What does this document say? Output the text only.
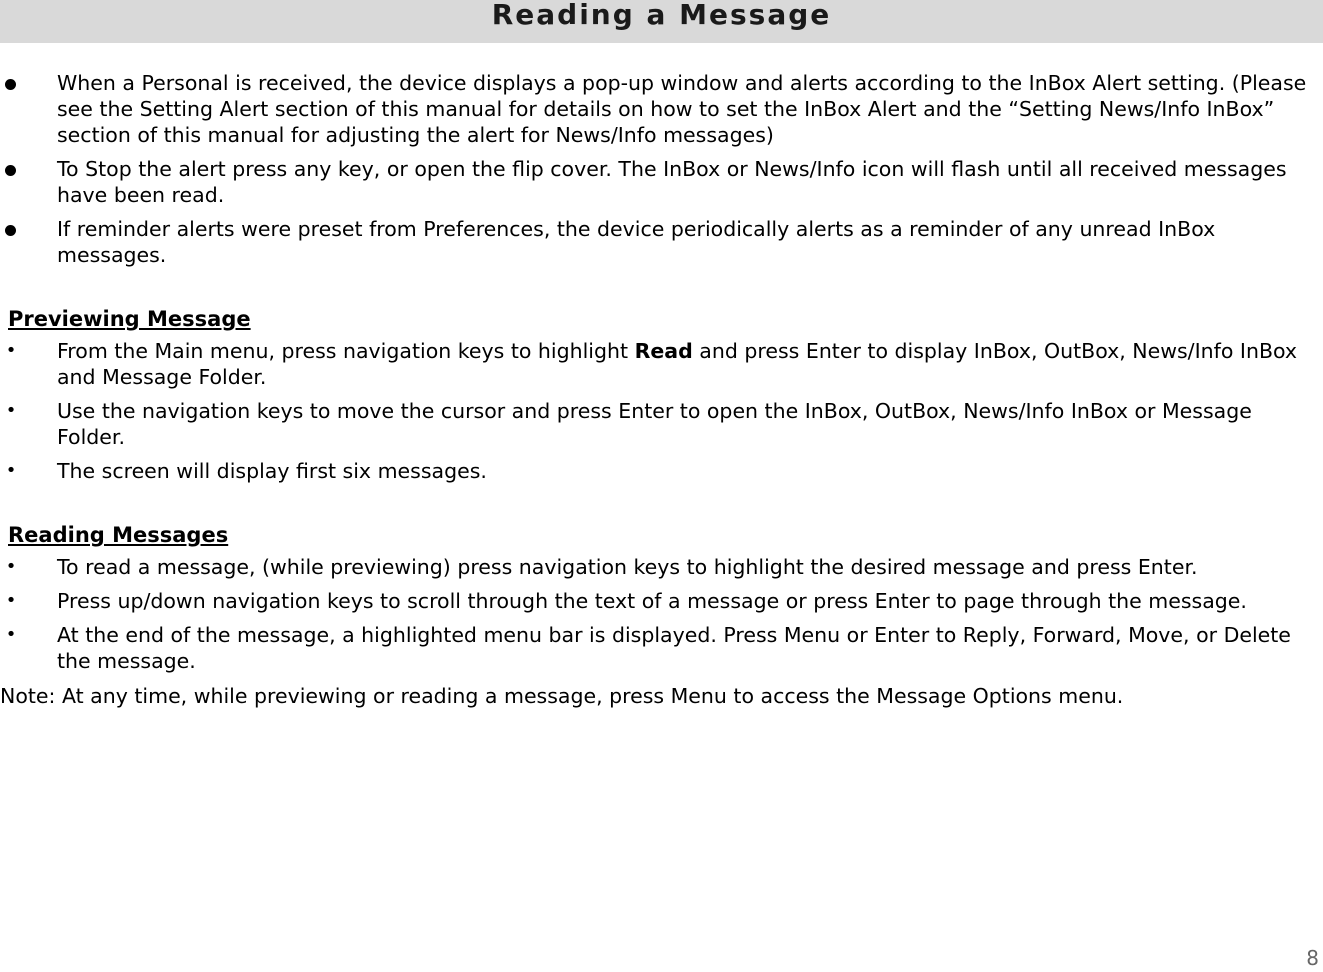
Reading a Message
When a Personal is received, the device displays a pop-up window and alerts according to the InBox Alert setting. (Please see the Setting Alert section of this manual for details on how to set the InBox Alert and the “Setting News/Info InBox” section of this manual for adjusting the alert for News/Info messages)
To Stop the alert press any key, or open the flip cover. The InBox or News/Info icon will flash until all received messages have been read.
If reminder alerts were preset from Preferences, the device periodically alerts as a reminder of any unread InBox messages.
Previewing Message
• From the Main menu, press navigation keys to highlight Read and press Enter to display InBox, OutBox, News/Info InBox and Message Folder.
• Use the navigation keys to move the cursor and press Enter to open the InBox, OutBox, News/Info InBox or Message Folder.
• The screen will display first six messages.
Reading Messages
• To read a message, (while previewing) press navigation keys to highlight the desired message and press Enter.
• Press up/down navigation keys to scroll through the text of a message or press Enter to page through the message.
• At the end of the message, a highlighted menu bar is displayed. Press Menu or Enter to Reply, Forward, Move, or Delete the message.

Note: At any time, while previewing or reading a message, press Menu to access the Message Options menu.

8
